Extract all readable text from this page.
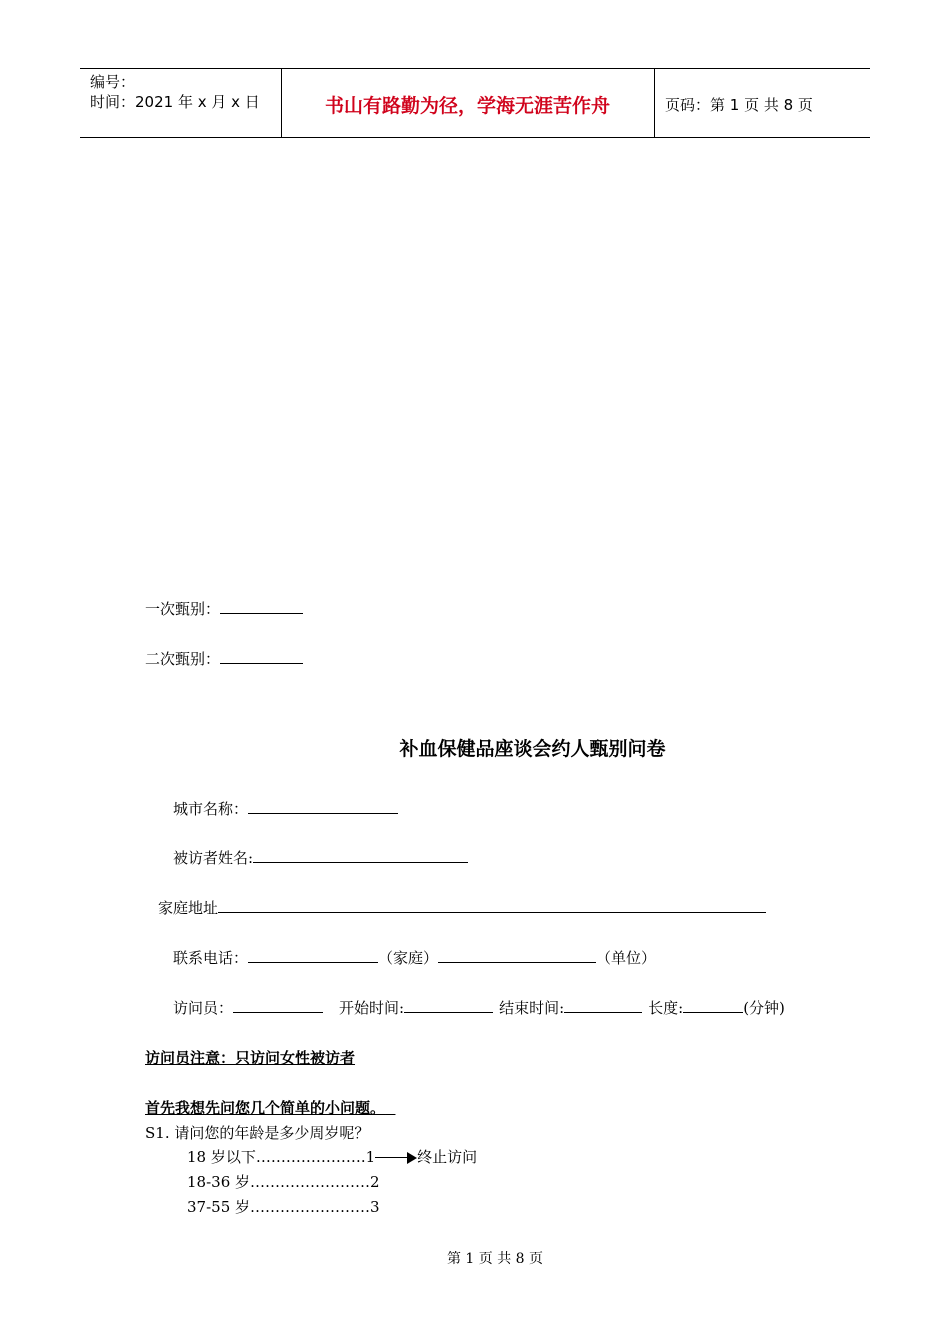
编号：
时间：2021 年 x 月 x 日	书山有路勤为径，学海无涯苦作舟	页码：第 1 页 共 8 页
一次甄别：
二次甄别：
补血保健品座谈会约人甄别问卷
城市名称：
被访者姓名:
家庭地址
联系电话：	（家庭）	（单位）
访问员：	开始时间:	结束时间:	长度:	(分钟)
访问员注意：只访问女性被访者
首先我想先问您几个简单的小问题。
S1. 请问您的年龄是多少周岁呢？
18 岁以下………………….1	终止访问
18-36 岁……………………2
37-55 岁……………………3
第 1 页 共 8 页
